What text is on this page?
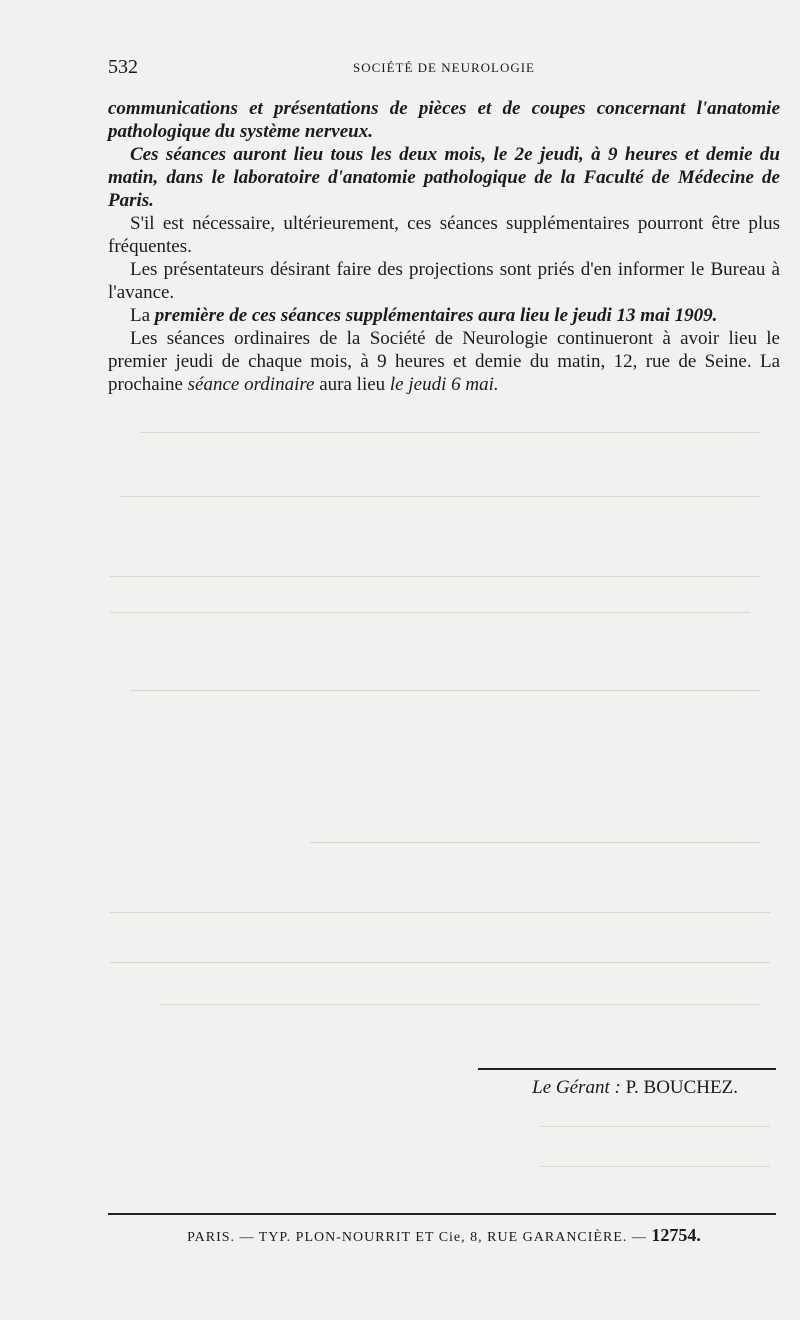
532	SOCIÉTÉ DE NEUROLOGIE

communications et présentations de pièces et de coupes concernant l'anatomie pathologique du système nerveux.

Ces séances auront lieu tous les deux mois, le 2e jeudi, à 9 heures et demie du matin, dans le laboratoire d'anatomie pathologique de la Faculté de Médecine de Paris.

S'il est nécessaire, ultérieurement, ces séances supplémentaires pourront être plus fréquentes.

Les présentateurs désirant faire des projections sont priés d'en informer le Bureau à l'avance.

La première de ces séances supplémentaires aura lieu le jeudi 13 mai 1909.

Les séances ordinaires de la Société de Neurologie continueront à avoir lieu le premier jeudi de chaque mois, à 9 heures et demie du matin, 12, rue de Seine. La prochaine séance ordinaire aura lieu le jeudi 6 mai.

Le Gérant : P. BOUCHEZ.
PARIS. — TYP. PLON-NOURRIT ET Cie, 8, RUE GARANCIÈRE. — 12754.
